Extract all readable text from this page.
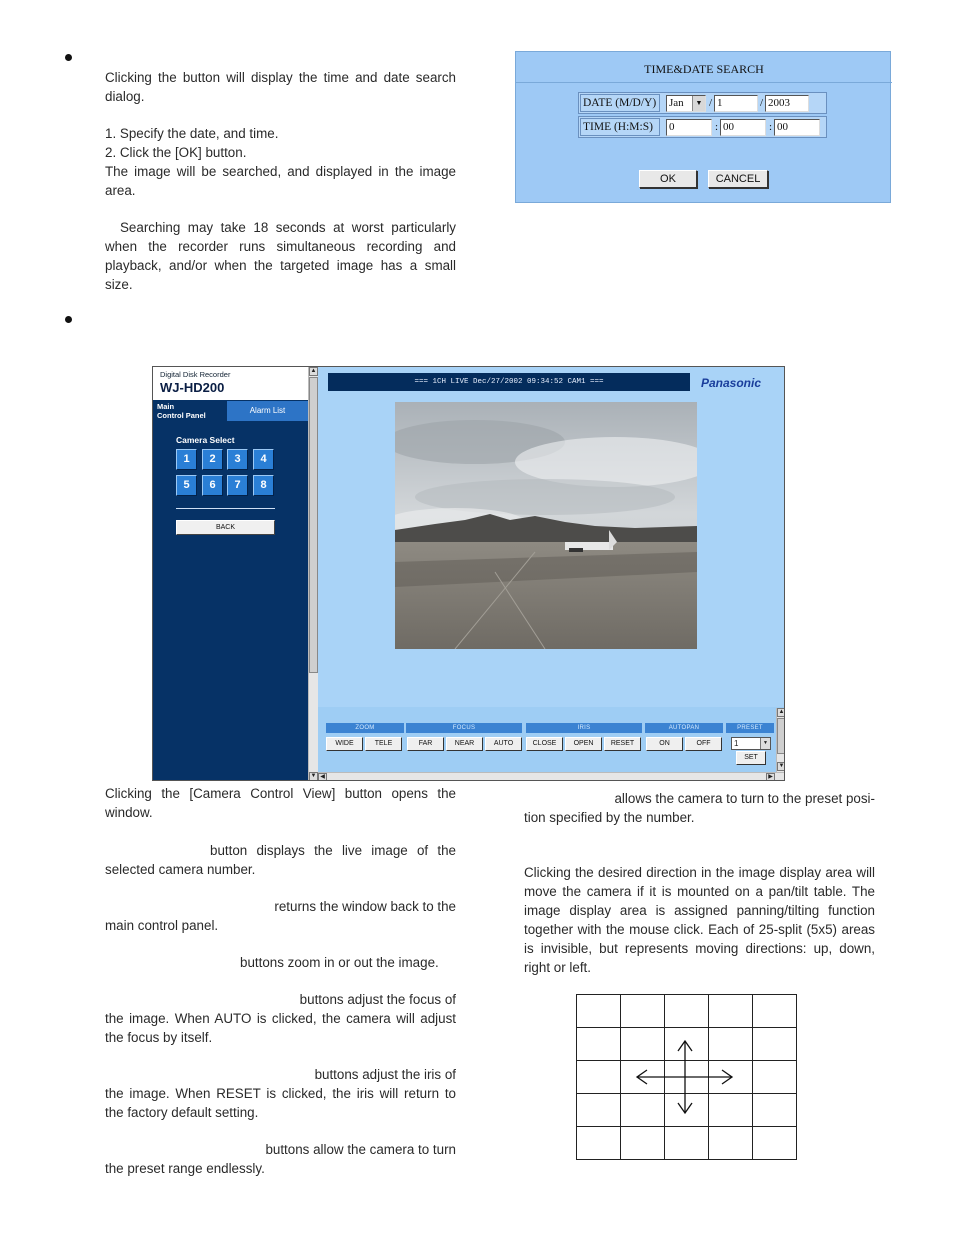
Clicking the button will display the time and date search dialog.
1. Specify the date, and time.
2. Click the [OK] button.
The image will be searched, and displayed in the image area.
Searching may take 18 seconds at worst particularly when the recorder runs simultaneous recording and playback, and/or when the targeted image has a small size.
TIME&DATE SEARCH
DATE (M/D/Y)	Jan	▼ / 1	/ 2003
TIME (H:M:S)	0	: 00	: 00
OK	CANCEL
Digital Disk Recorder
WJ-HD200
Main
Control Panel	Alarm List
Camera Select
1	2	3	4
5	6	7	8
BACK
▲
▼
=== 1CH LIVE Dec/27/2002 09:34:52 CAM1 ===	Panasonic
ZOOM	FOCUS	IRIS	AUTOPAN	PRESET
WIDE	TELE	FAR	NEAR	AUTO	CLOSE	OPEN	RESET	ON	OFF	1	▼
SET
▲
▼
◀	▶
Clicking the [Camera Control View] button opens the window.
button displays the live image of the selected camera number.
returns the window back to the
main control panel.
buttons zoom in or out the image.
buttons adjust the focus of
the image. When AUTO is clicked, the camera will adjust the focus by itself.
buttons adjust the iris of
the image. When RESET is clicked, the iris will return to the factory default setting.
buttons allow the camera to turn
the preset range endlessly.
allows the camera to turn to the preset posi-
tion specified by the number.
Clicking the desired direction in the image display area will move the camera if it is mounted on a pan/tilt table. The image display area is assigned panning/tilting function together with the mouse click. Each of 25-split (5x5) areas is invisible, but represents moving directions: up, down, right or left.
